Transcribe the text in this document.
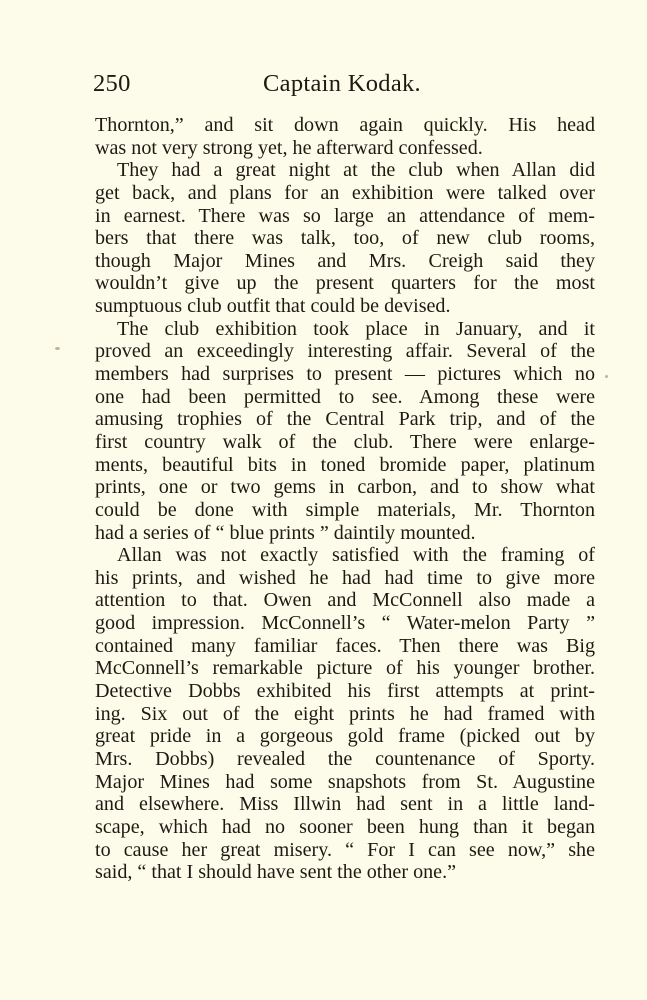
250	Captain Kodak.
Thornton,” and sit down again quickly. His head
was not very strong yet, he afterward confessed.
They had a great night at the club when Allan did
get back, and plans for an exhibition were talked over
in earnest. There was so large an attendance of mem-
bers that there was talk, too, of new club rooms,
though Major Mines and Mrs. Creigh said they
wouldn’t give up the present quarters for the most
sumptuous club outfit that could be devised.
The club exhibition took place in January, and it
proved an exceedingly interesting affair. Several of the
members had surprises to present — pictures which no
one had been permitted to see. Among these were
amusing trophies of the Central Park trip, and of the
first country walk of the club. There were enlarge-
ments, beautiful bits in toned bromide paper, platinum
prints, one or two gems in carbon, and to show what
could be done with simple materials, Mr. Thornton
had a series of “ blue prints ” daintily mounted.
Allan was not exactly satisfied with the framing of
his prints, and wished he had had time to give more
attention to that. Owen and McConnell also made a
good impression. McConnell’s “ Water-melon Party ”
contained many familiar faces. Then there was Big
McConnell’s remarkable picture of his younger brother.
Detective Dobbs exhibited his first attempts at print-
ing. Six out of the eight prints he had framed with
great pride in a gorgeous gold frame (picked out by
Mrs. Dobbs) revealed the countenance of Sporty.
Major Mines had some snapshots from St. Augustine
and elsewhere. Miss Illwin had sent in a little land-
scape, which had no sooner been hung than it began
to cause her great misery. “ For I can see now,” she
said, “ that I should have sent the other one.”
